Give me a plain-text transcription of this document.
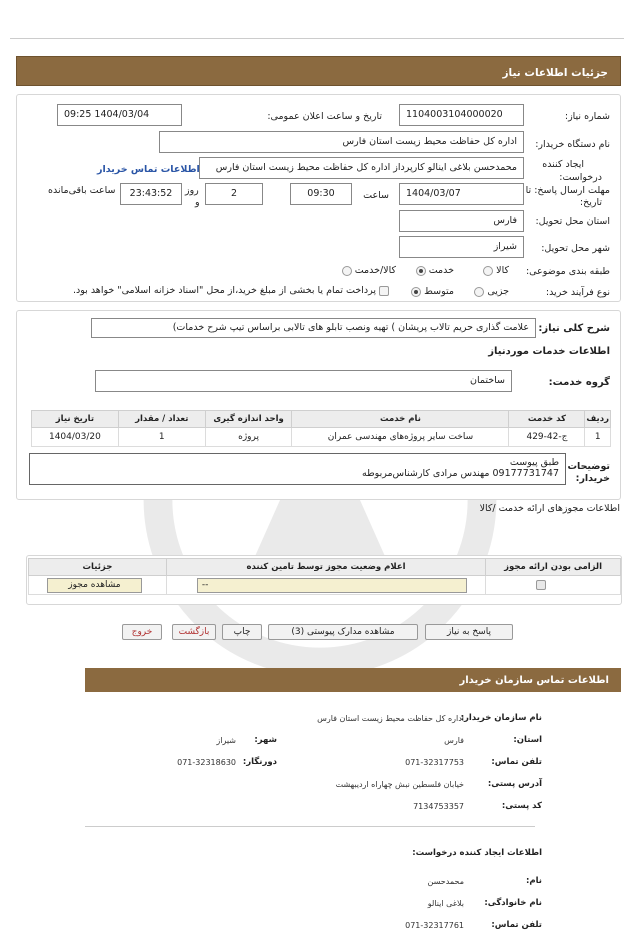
جزئیات اطلاعات نیاز
شماره نیاز:
1104003104000020
تاریخ و ساعت اعلان عمومی:
1404/03/04 09:25
نام دستگاه خریدار:
اداره کل حفاظت محیط زیست استان فارس
ایجاد کننده
درخواست:
محمدحسن بلاغی اینالو کارپرداز اداره کل حفاظت محیط زیست استان فارس
اطلاعات تماس خریدار
مهلت ارسال پاسخ: تا
تاریخ:
1404/03/07
ساعت
09:30
2
روز
و
23:43:52
ساعت باقی‌مانده
استان محل تحویل:
فارس
شهر محل تحویل:
شیراز
طبقه بندی موضوعی:
کالا
خدمت
کالا/خدمت
نوع فرآیند خرید:
جزیی
متوسط
پرداخت تمام یا بخشی از مبلغ خرید،از محل "اسناد خزانه اسلامی" خواهد بود.
شرح کلی نیاز:
علامت گذاری حریم تالاب پریشان ) تهیه ونصب تابلو های تالابی براساس تیپ شرح خدمات)
اطلاعات خدمات موردنیاز
گروه خدمت:
ساختمان
ردیف	کد خدمت	نام خدمت	واحد اندازه گیری	تعداد / مقدار	تاریخ نیاز
1	ج-42-429	ساخت سایر پروژه‌های مهندسی عمران	پروژه	1	1404/03/20
توضیحات
خریدار:
طبق پیوست
09177731747 مهندس مرادی کارشناس‌مربوطه
اطلاعات مجوزهای ارائه خدمت /کالا
الزامی بودن ارائه مجوز	اعلام وضعیت مجوز توسط تامین کننده	جزئیات

	--	مشاهده مجوز
پاسخ به نیاز
مشاهده مدارک پیوستی (3)
چاپ
بازگشت
خروج
اطلاعات تماس سازمان خریدار
نام سازمان خریدار:
اداره کل حفاظت محیط زیست استان فارس
استان:
فارس
شهر:
شیراز
تلفن تماس:
071-32317753
دورنگار:
071-32318630
آدرس پستی:
خیابان فلسطین نبش چهاراه اردیبهشت
کد پستی:
7134753357
اطلاعات ایجاد کننده درخواست:
نام:
محمدحسن
نام خانوادگی:
بلاغی اینالو
تلفن تماس:
071-32317761
